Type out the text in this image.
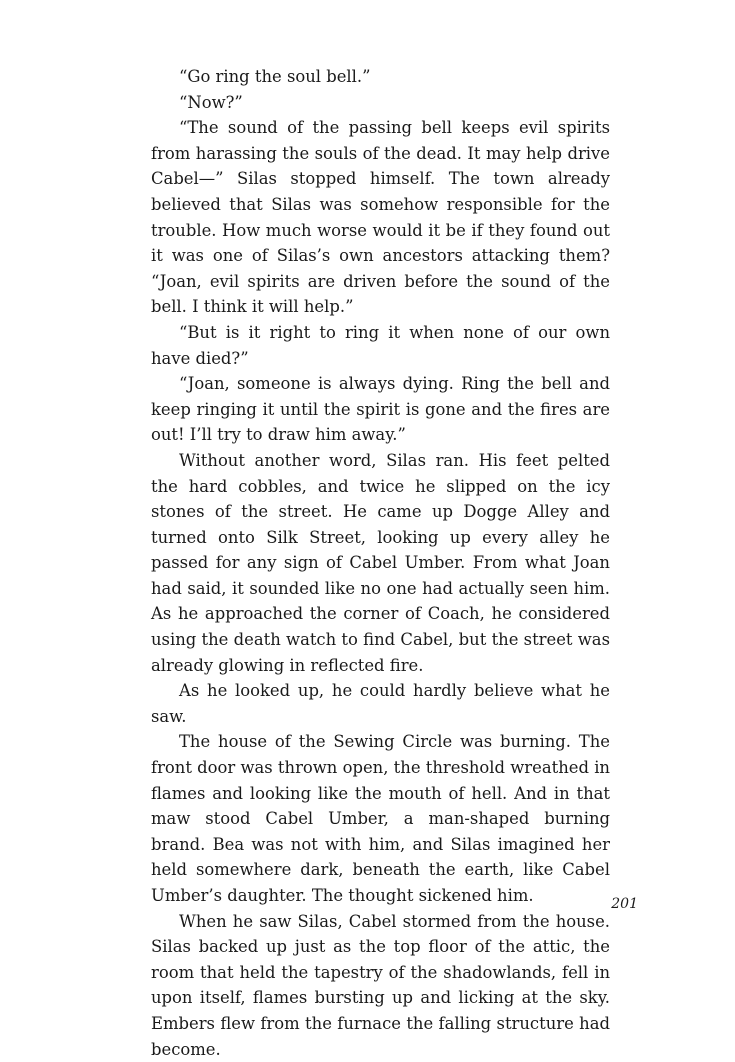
“Go ring the soul bell.”

“Now?”

“The sound of the passing bell keeps evil spirits from harassing the souls of the dead. It may help drive Cabel—” Silas stopped himself. The town already believed that Silas was somehow responsible for the trouble. How much worse would it be if they found out it was one of Silas’s own ancestors attacking them? “Joan, evil spirits are driven before the sound of the bell. I think it will help.”

“But is it right to ring it when none of our own have died?”

“Joan, someone is always dying. Ring the bell and keep ringing it until the spirit is gone and the fires are out! I’ll try to draw him away.”

Without another word, Silas ran. His feet pelted the hard cobbles, and twice he slipped on the icy stones of the street. He came up Dogge Alley and turned onto Silk Street, looking up every alley he passed for any sign of Cabel Umber. From what Joan had said, it sounded like no one had actually seen him. As he approached the corner of Coach, he considered using the death watch to find Cabel, but the street was already glowing in reflected fire.

As he looked up, he could hardly believe what he saw.

The house of the Sewing Circle was burning. The front door was thrown open, the threshold wreathed in flames and looking like the mouth of hell. And in that maw stood Cabel Umber, a man-shaped burning brand. Bea was not with him, and Silas imagined her held somewhere dark, beneath the earth, like Cabel Umber’s daughter. The thought sickened him.

When he saw Silas, Cabel stormed from the house. Silas backed up just as the top floor of the attic, the room that held the tapestry of the shadowlands, fell in upon itself, flames bursting up and licking at the sky. Embers flew from the furnace the falling structure had become.

201
